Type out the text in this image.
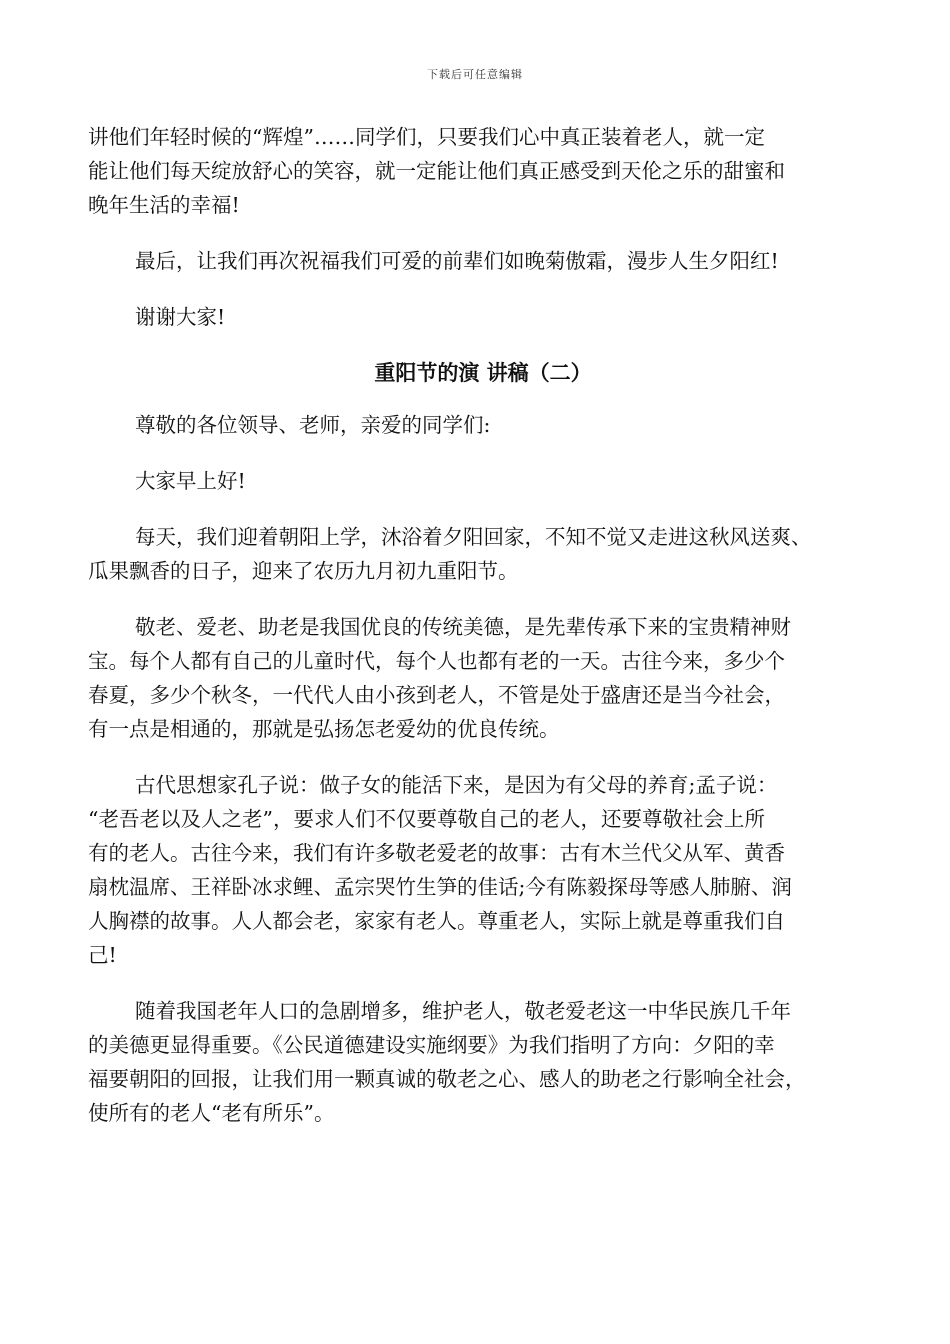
下载后可任意编辑

讲他们年轻时候的“辉煌”……同学们，只要我们心中真正装着老人，就一定
能让他们每天绽放舒心的笑容，就一定能让他们真正感受到天伦之乐的甜蜜和
晚年生活的幸福!

最后，让我们再次祝福我们可爱的前辈们如晚菊傲霜，漫步人生夕阳红!

谢谢大家!

重阳节的演 讲稿（二）

尊敬的各位领导、老师，亲爱的同学们:

大家早上好!

每天，我们迎着朝阳上学，沐浴着夕阳回家，不知不觉又走进这秋风送爽、
瓜果飘香的日子，迎来了农历九月初九重阳节。

敬老、爱老、助老是我国优良的传统美德，是先辈传承下来的宝贵精神财
宝。每个人都有自己的儿童时代，每个人也都有老的一天。古往今来，多少个
春夏，多少个秋冬，一代代人由小孩到老人，不管是处于盛唐还是当今社会，
有一点是相通的，那就是弘扬怎老爱幼的优良传统。

古代思想家孔子说：做子女的能活下来，是因为有父母的养育;孟子说：
“老吾老以及人之老”，要求人们不仅要尊敬自己的老人，还要尊敬社会上所
有的老人。古往今来，我们有许多敬老爱老的故事：古有木兰代父从军、黄香
扇枕温席、王祥卧冰求鲤、孟宗哭竹生笋的佳话;今有陈毅探母等感人肺腑、润
人胸襟的故事。人人都会老，家家有老人。尊重老人，实际上就是尊重我们自
己!

随着我国老年人口的急剧增多，维护老人，敬老爱老这一中华民族几千年
的美德更显得重要。《公民道德建设实施纲要》为我们指明了方向：夕阳的幸
福要朝阳的回报，让我们用一颗真诚的敬老之心、感人的助老之行影响全社会，
使所有的老人“老有所乐”。
